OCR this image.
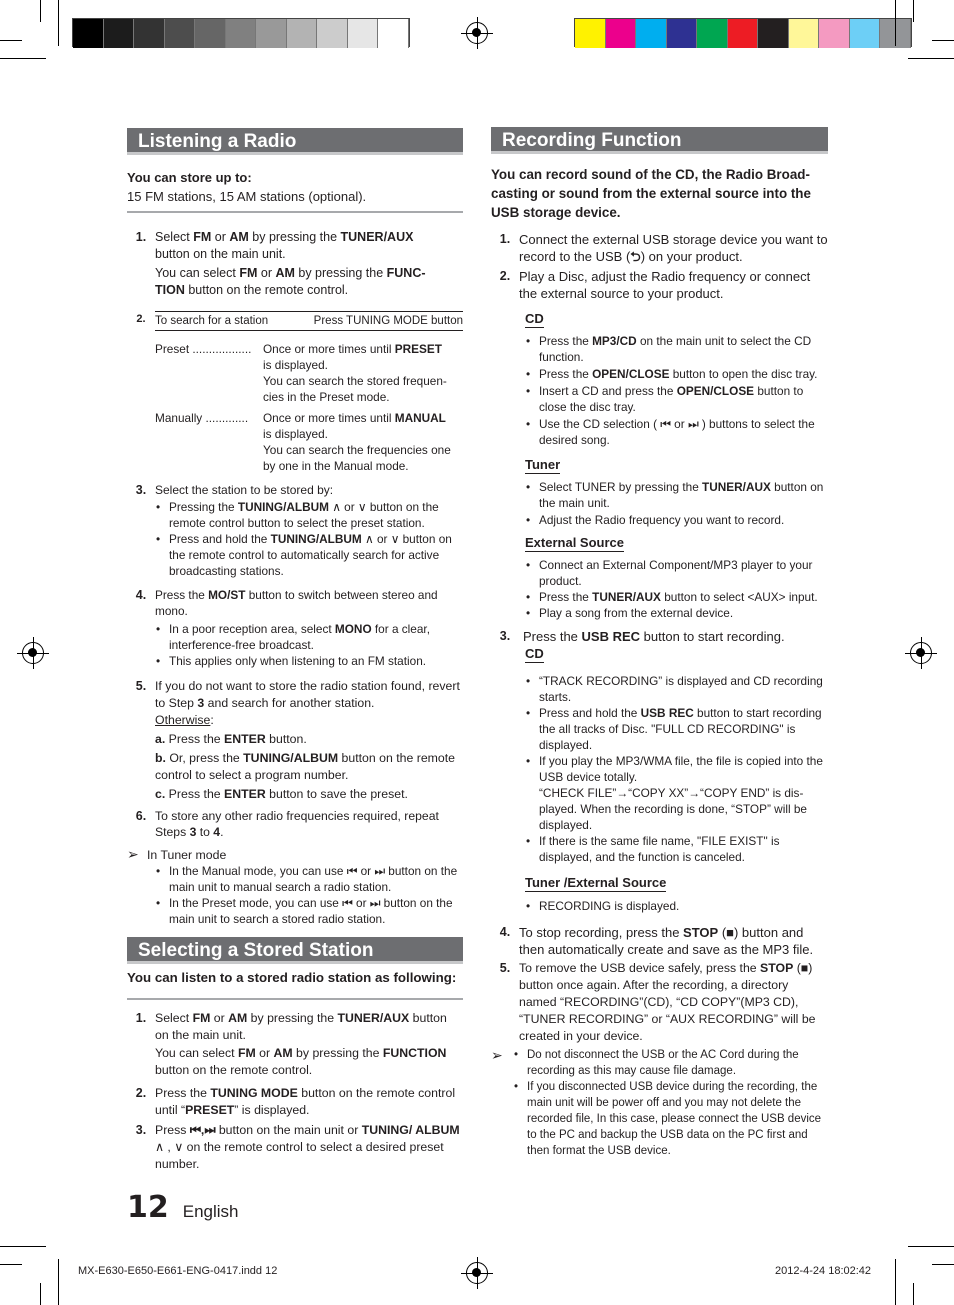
Listening a Radio
You can store up to:
15 FM stations, 15 AM stations (optional).
1. Select FM or AM by pressing the TUNER/AUX
button on the main unit.
You can select FM or AM by pressing the FUNC-
TION button on the remote control.
2. To search for a station	Press TUNING MODE button
Preset .................. Once or more times until PRESET
is displayed.
You can search the stored frequen-
cies in the Preset mode.
Manually .............	Once or more times until MANUAL
is displayed.
You can search the frequencies one
by one in the Manual mode.
3. Select the station to be stored by:
• Pressing the TUNING/ALBUM ∧ or ∨ button on the remote control button to select the preset station.
• Press and hold the TUNING/ALBUM ∧ or ∨ button on the remote control to automatically search for active broadcasting stations.
4. Press the MO/ST button to switch between stereo and mono.
• In a poor reception area, select MONO for a clear, interference-free broadcast.
• This applies only when listening to an FM station.
5. If you do not want to store the radio station found, revert to Step 3 and search for another station.
Otherwise:
a. Press the ENTER button.
b. Or, press the TUNING/ALBUM button on the remote control to select a program number.
c. Press the ENTER button to save the preset.
6. To store any other radio frequencies required, repeat Steps 3 to 4.
➢ In Tuner mode
• In the Manual mode, you can use ⏮ or ⏭ button on the main unit to manual search a radio station.
• In the Preset mode, you can use ⏮ or ⏭ button on the main unit to search a stored radio station.
Selecting a Stored Station
You can listen to a stored radio station as following:
1. Select FM or AM by pressing the TUNER/AUX button on the main unit.
You can select FM or AM by pressing the FUNCTION button on the remote control.
2. Press the TUNING MODE button on the remote control until “PRESET” is displayed.
3. Press ⏮,⏭ button on the main unit or TUNING/ ALBUM ∧ , ∨ on the remote control to select a desired preset number.
Recording Function
You can record sound of the CD, the Radio Broad-casting or sound from the external source into the USB storage device.
1. Connect the external USB storage device you want to record to the USB (⮌) on your product.
2. Play a Disc, adjust the Radio frequency or connect the external source to your product.
CD
• Press the MP3/CD on the main unit to select the CD function.
• Press the OPEN/CLOSE button to open the disc tray.
• Insert a CD and press the OPEN/CLOSE button to close the disc tray.
• Use the CD selection ( ⏮ or ⏭ ) buttons to select the desired song.
Tuner
• Select TUNER by pressing the TUNER/AUX button on the main unit.
• Adjust the Radio frequency you want to record.
External Source
• Connect an External Component/MP3 player to your product.
• Press the TUNER/AUX button to select <AUX> input.
• Play a song from the external device.
3. Press the USB REC button to start recording.
CD
• “TRACK RECORDING” is displayed and CD recording starts.
• Press and hold the USB REC button to start recording the all tracks of Disc. "FULL CD RECORDING" is displayed.
• If you play the MP3/WMA file, the file is copied into the USB device totally.
“CHECK FILE”→“COPY XX”→“COPY END” is dis-played. When the recording is done, “STOP” will be displayed.
• If there is the same file name, "FILE EXIST" is displayed, and the function is canceled.
Tuner /External Source
• RECORDING is displayed.
4. To stop recording, press the STOP (■) button and then automatically create and save as the MP3 file.
5. To remove the USB device safely, press the STOP (■) button once again. After the recording, a directory named “RECORDING”(CD), “CD COPY”(MP3 CD), “TUNER RECORDING” or “AUX RECORDING” will be created in your device.
➢
•	Do not disconnect the USB or the AC Cord during the recording as this may cause file damage.
• If you disconnected USB device during the recording, the main unit will be power off and you may not delete the recorded file, In this case, please connect the USB device to the PC and backup the USB data on the PC first and then format the USB device.
12 English
MX-E630-E650-E661-ENG-0417.indd 12	2012-4-24 18:02:42
